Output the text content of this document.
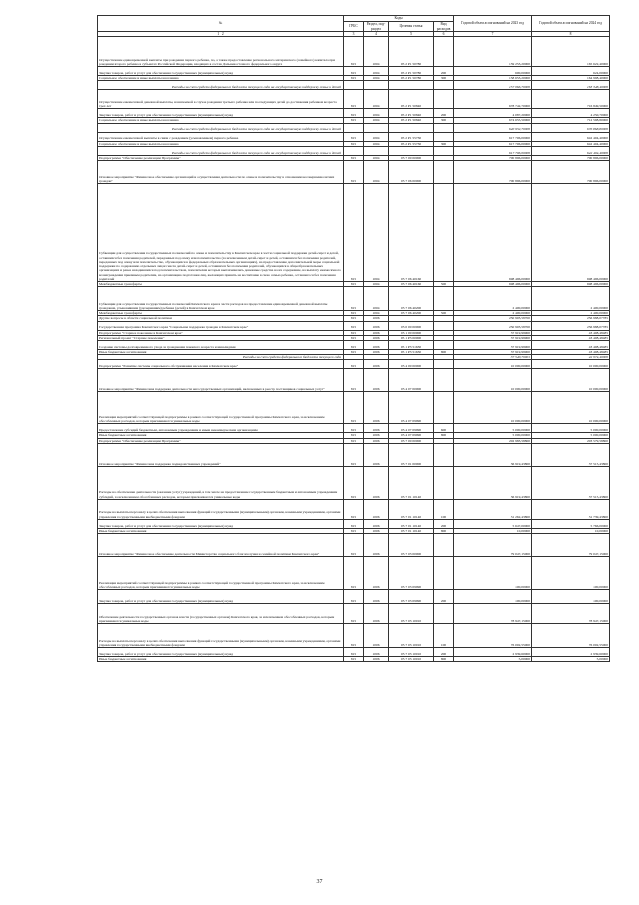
№	Коды				Годовой объем ассигнований на 2023 год	Годовой объем ассигнований на 2024 год
	ГРБС	Раздел, под-раздел	Целевая статья	Вид расходов		
1 2	3	4	5	6	7	8
Осуществление единовременной выплаты при рождении первого ребенка, по, а также предоставление регионального материнского (семейного) капитала при рождении второго ребенка в субъектах Российской Федерации, входящих в состав Дальневосточного федерального округа	815	1004	05 2 P1 50780		159 253,20000	165 622,40000
Закупка товаров, работ и услуг для обеспечения государственных (муниципальных) нужд	815	1004	05 2 P1 50780	200	600,00000	624,00000
Социальное обеспечение и иные выплаты населению	815	1004	05 2 P1 50780	300	158 653,20000	164 998,40000
Расходы за счет средств федерального бюджета текущего года на государственную поддержку семьи и детей					157 066,70000	163 348,40000
Осуществление ежемесячной денежной выплаты, назначаемой в случае рождения третьего ребенка или последующих детей до достижения ребенком возраста трех лет	815	1004	05 2 P1 50840		678 742,70000	716 849,50000
Закупка товаров, работ и услуг для обеспечения государственных (муниципальных) нужд	815	1004	05 2 P1 50840	200	4 087,20000	4 250,70000
Социальное обеспечение и иные выплаты населению	815	1004	05 2 P1 50840	300	674 655,50000	712 598,80000
Расходы за счет средств федерального бюджета текущего года на государственную поддержку семьи и детей					640 932,70000	676 868,80000
Осуществление ежемесячной выплаты в связи с рождением (усыновлением) первого ребенка	815	1004	05 2 P1 55730		617 706,00000	642 404,40000
Социальное обеспечение и иные выплаты населению	815	1004	05 2 P1 55730	300	617 706,00000	642 404,40000
Расходы за счет средств федерального бюджета текущего года на государственную поддержку семьи и детей					617 706,00000	642 404,40000
Подпрограмма "Обеспечение реализации Программы"	815	1004	05 7 00 00000		700 896,00000	700 896,00000
Основное мероприятие "Финансовое обеспечение организаций и осуществления деятельности по опеке и попечительству в отношении несовершеннолетних граждан"	815	1004	05 7 06 00000		700 896,00000	700 896,00000
Субвенции для осуществления государственных полномочий по опеке и попечительству в Камчатском крае в части социальной поддержки детей-сирот и детей, оставшихся без попечения родителей, переданных под опеку или попечительство (за исключением детей-сирот и детей, оставшихся без попечения родителей, переданных под опеку или попечительство, обучающихся в федеральных образовательных организациях), на предоставление дополнительной меры социальной поддержки по содержанию отдельных лиц из числа детей-сирот и детей, оставшихся без попечения родителей, обучающихся в общеобразовательных организациях и ранее находившихся под попечительством, попечителям которых выплачивались денежные средства на их содержание, на выплату ежемесячного вознаграждения приемным родителям, на организацию подготовки лиц, желающих принять на воспитание в свою семью ребенка, оставшегося без попечения родителей	815	1004	05 7 06 40160		698 496,00000	698 496,00000
Межбюджетные трансферты	815	1004	05 7 06 40160	500	698 496,00000	698 496,00000
Субвенции для осуществления государственных полномочий Камчатского края в части расходов на предоставление единовременной денежной выплаты гражданам, усыновившим (удочерившим) ребенка (детей) в Камчатском крае	815	1004	05 7 06 40200		2 400,00000	2 400,00000
Межбюджетные трансферты	815	1004	05 7 06 40200	500	2 400,00000	2 400,00000
Другие вопросы в области социальной политики	815	1006			250 903,58700	256 988,07785
Государственная программа Камчатского края "Социальная поддержка граждан в Камчатском крае"	815	1006	05 0 00 00000		250 903,58700	256 988,07785
Подпрограмма "Старшее поколение в Камчатском крае"	815	1006	05 1 00 00000		37 919,99900	43 408,48485
Региональный проект "Старшее поколение"	815	1006	05 1 P3 00000		37 919,99900	43 408,48485
Создание системы долговременного ухода за гражданами пожилого возраста и инвалидами	815	1006	05 1 P3 51630		37 919,99900	43 408,48485
Иные бюджетные ассигнования	815	1006	05 1 P3 51630	800	37 919,99900	43 408,48485
Расходы за счет средств федерального бюджета текущего года					37 540,79901	42 974,40000
Подпрограмма "Развитие системы социального обслуживания населения в Камчатском крае"	815	1006	05 4 00 00000		10 000,00000	10 000,00000
Основное мероприятие "Финансовая поддержка деятельности негосударственных организаций, включенных в реестр поставщиков социальных услуг"	815	1006	05 4 07 00000		10 000,00000	10 000,00000
Реализация мероприятий соответствующей подпрограммы в рамках соответствующей государственной программы Камчатского края, за исключением обособленных расходов, которым присваиваются уникальные коды	815	1006	05 4 07 09990		10 000,00000	10 000,00000
Предоставление субсидий бюджетным, автономным учреждениям и иным некоммерческим организациям	815	1006	05 4 07 09990	600	5 000,00000	5 000,00000
Иные бюджетные ассигнования	815	1006	05 4 07 09990	800	5 000,00000	5 000,00000
Подпрограмма "Обеспечение реализации Программы"	815	1006	05 7 00 00000		202 983,58800	203 579,58800
Основное мероприятие "Финансовая поддержка подведомственных учреждений"	815	1006	05 7 01 00000		36 919,43800	37 515,43800
Расходы на обеспечение деятельности (оказание услуг) учреждений, в том числе на предоставление государственным бюджетным и автономным учреждениям субсидий, за исключением обособленных расходов, которым присваиваются уникальные коды	815	1006	05 7 01 10140		36 919,43800	37 515,43800
Расходы на выплаты персоналу в целях обеспечения выполнения функций государственными (муниципальными) органами, казенными учреждениями, органами управления государственными внебюджетными фондами	815	1006	05 7 01 10140	100	31 262,43800	31 739,43800
Закупка товаров, работ и услуг для обеспечения государственных (муниципальных) нужд	815	1006	05 7 01 10140	200	5 647,00000	5 766,00000
Иные бюджетные ассигнования	815	1006	05 7 01 10140	800	10,00000	10,00000
Основное мероприятие "Финансовое обеспечение деятельности Министерства социального благополучия и семейной политики Камчатского края"	815	1006	05 7 03 00000		79 047,15000	79 047,15000
Реализация мероприятий соответствующей подпрограммы в рамках соответствующей государственной программы Камчатского края, за исключением обособленных расходов, которым присваиваются уникальные коды	815	1006	05 7 03 09990		100,00000	100,00000
Закупка товаров, работ и услуг для обеспечения государственных (муниципальных) нужд	815	1006	05 7 03 09990	200	100,00000	100,00000
Обеспечение деятельности государственных органов власти (государственных органов) Камчатского края, за исключением обособленных расходов, которым присваиваются уникальные коды	815	1006	05 7 03 10010		78 947,15000	78 947,15000
Расходы на выплаты персоналу в целях обеспечения выполнения функций государственными (муниципальными) органами, казенными учреждениями, органами управления государственными внебюджетными фондами	815	1006	05 7 03 10010	100	76 002,55000	76 002,55000
Закупка товаров, работ и услуг для обеспечения государственных (муниципальных) нужд	815	1006	05 7 03 10010	200	2 939,60000	2 939,60000
Иные бюджетные ассигнования	815	1006	05 7 03 10010	800	5,00000	5,00000
37
